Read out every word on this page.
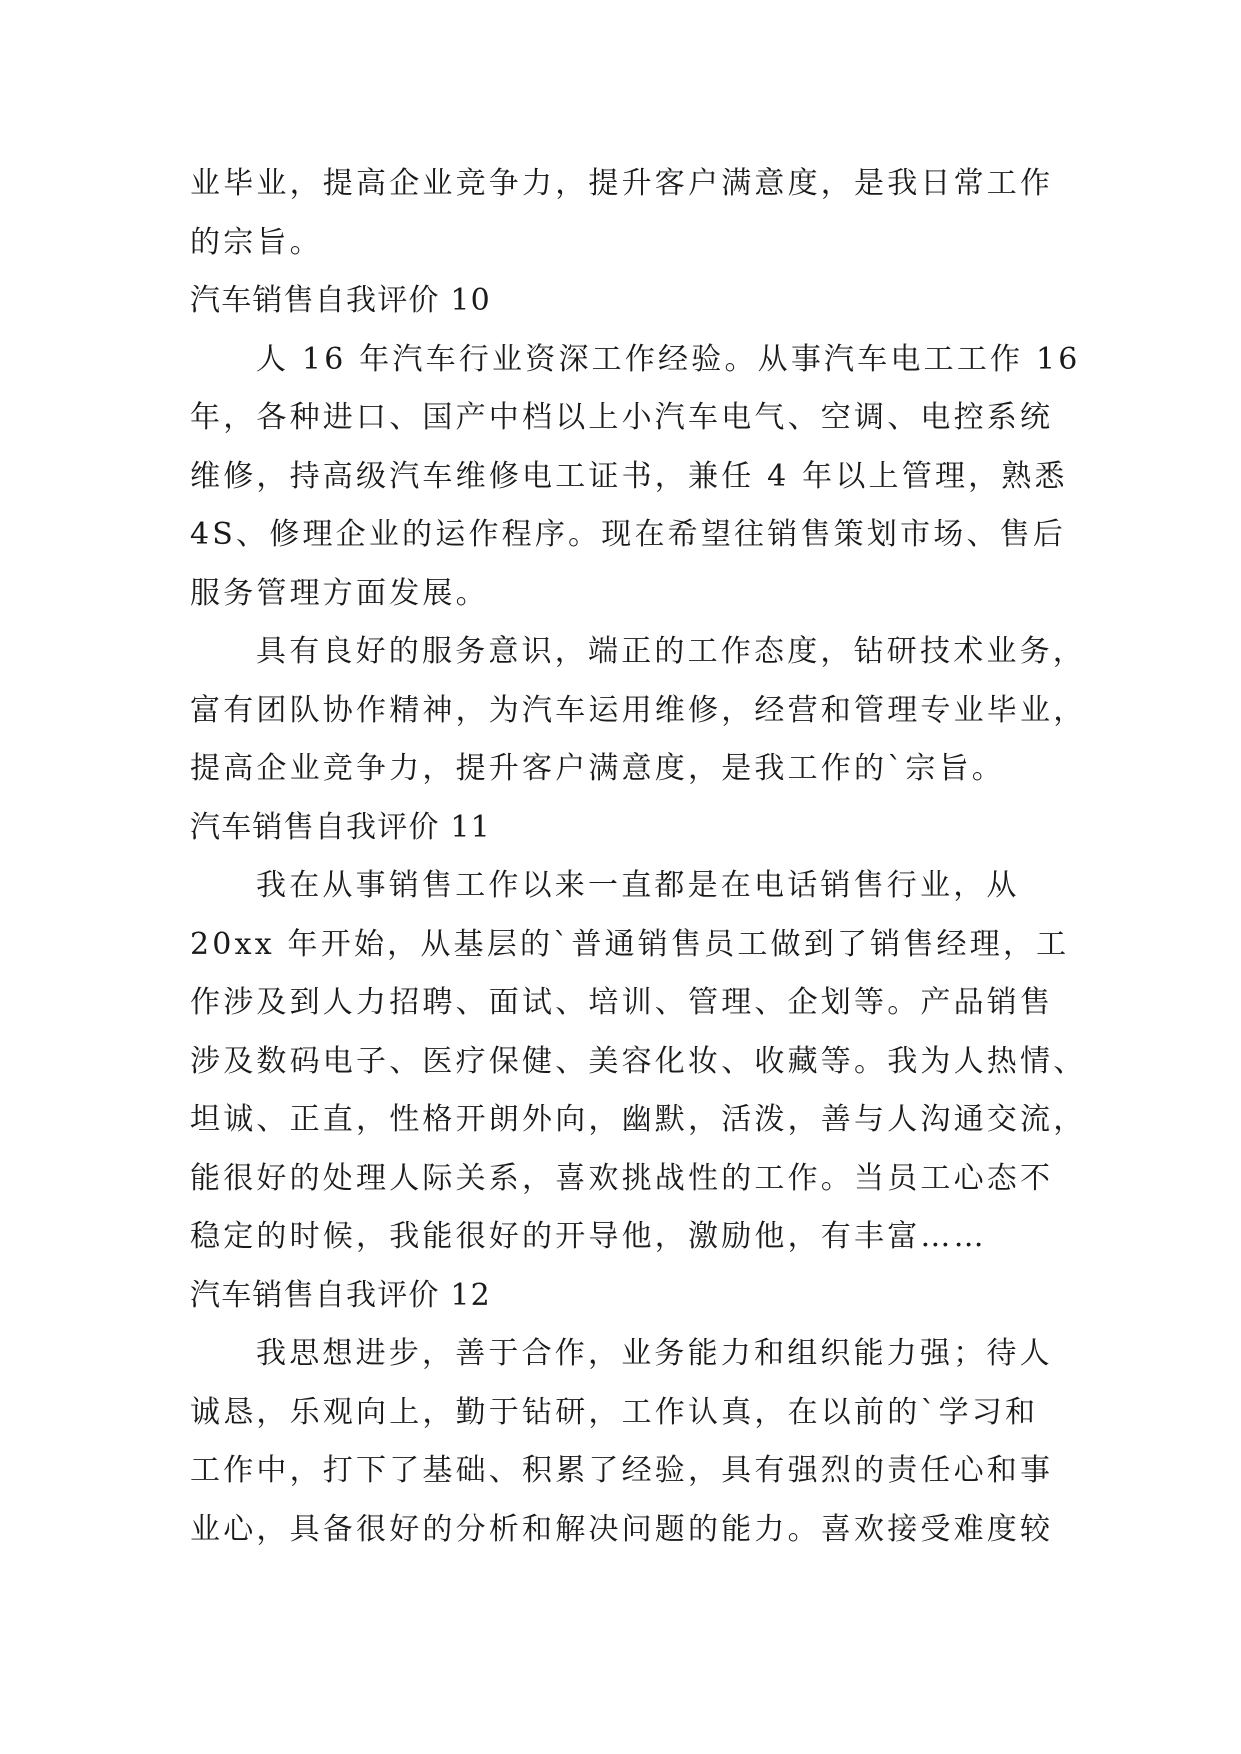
业毕业，提高企业竞争力，提升客户满意度，是我日常工作
的宗旨。
汽车销售自我评价 10
人 16 年汽车行业资深工作经验。从事汽车电工工作 16
年，各种进口、国产中档以上小汽车电气、空调、电控系统
维修，持高级汽车维修电工证书，兼任 4 年以上管理，熟悉
4S、修理企业的运作程序。现在希望往销售策划市场、售后
服务管理方面发展。
具有良好的服务意识，端正的工作态度，钻研技术业务，
富有团队协作精神，为汽车运用维修，经营和管理专业毕业，
提高企业竞争力，提升客户满意度，是我工作的`宗旨。
汽车销售自我评价 11
我在从事销售工作以来一直都是在电话销售行业，从
20xx 年开始，从基层的`普通销售员工做到了销售经理，工
作涉及到人力招聘、面试、培训、管理、企划等。产品销售
涉及数码电子、医疗保健、美容化妆、收藏等。我为人热情、
坦诚、正直，性格开朗外向，幽默，活泼，善与人沟通交流，
能很好的处理人际关系，喜欢挑战性的工作。当员工心态不
稳定的时候，我能很好的开导他，激励他，有丰富……
汽车销售自我评价 12
我思想进步，善于合作，业务能力和组织能力强；待人
诚恳，乐观向上，勤于钻研，工作认真，在以前的`学习和
工作中，打下了基础、积累了经验，具有强烈的责任心和事
业心，具备很好的分析和解决问题的能力。喜欢接受难度较
